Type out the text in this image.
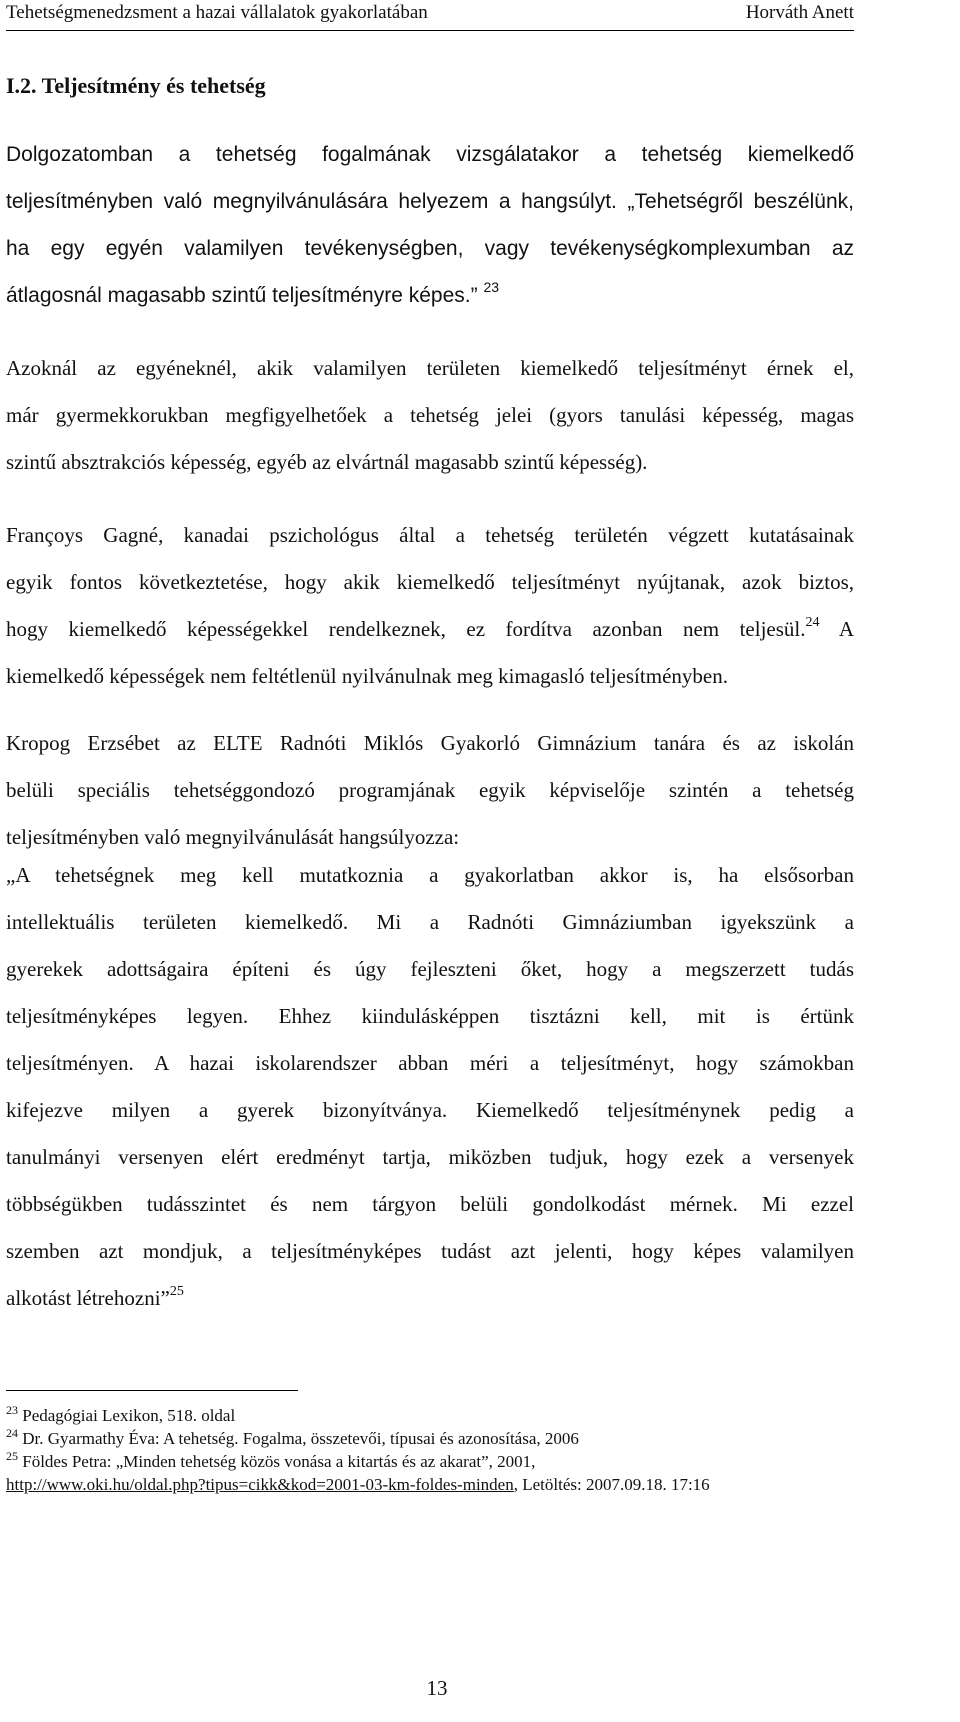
Tehetségmenedzsment a hazai vállalatok gyakorlatában	Horváth Anett
I.2. Teljesítmény és tehetség
Dolgozatomban a tehetség fogalmának vizsgálatakor a tehetség kiemelkedő
teljesítményben való megnyilvánulására helyezem a hangsúlyt. „Tehetségről beszélünk,
ha egy egyén valamilyen tevékenységben, vagy tevékenységkomplexumban az
átlagosnál magasabb szintű teljesítményre képes.” $^{23}$
Azoknál az egyéneknél, akik valamilyen területen kiemelkedő teljesítményt érnek el,
már gyermekkorukban megfigyelhetőek a tehetség jelei (gyors tanulási képesség, magas
szintű absztrakciós képesség, egyéb az elvártnál magasabb szintű képesség).
Françoys Gagné, kanadai pszichológus által a tehetség területén végzett kutatásainak
egyik fontos következtetése, hogy akik kiemelkedő teljesítményt nyújtanak, azok biztos,
hogy kiemelkedő képességekkel rendelkeznek, ez fordítva azonban nem teljesül.$^{24}$ A
kiemelkedő képességek nem feltétlenül nyilvánulnak meg kimagasló teljesítményben.
Kropog Erzsébet az ELTE Radnóti Miklós Gyakorló Gimnázium tanára és az iskolán
belüli speciális tehetséggondozó programjának egyik képviselője szintén a tehetség
teljesítményben való megnyilvánulását hangsúlyozza:
„A tehetségnek meg kell mutatkoznia a gyakorlatban akkor is, ha elsősorban
intellektuális területen kiemelkedő. Mi a Radnóti Gimnáziumban igyekszünk a
gyerekek adottságaira építeni és úgy fejleszteni őket, hogy a megszerzett tudás
teljesítményképes legyen. Ehhez kiindulásképpen tisztázni kell, mit is értünk
teljesítményen. A hazai iskolarendszer abban méri a teljesítményt, hogy számokban
kifejezve milyen a gyerek bizonyítványa. Kiemelkedő teljesítménynek pedig a
tanulmányi versenyen elért eredményt tartja, miközben tudjuk, hogy ezek a versenyek
többségükben tudásszintet és nem tárgyon belüli gondolkodást mérnek. Mi ezzel
szemben azt mondjuk, a teljesítményképes tudást azt jelenti, hogy képes valamilyen
alkotást létrehozni”$^{25}$
$^{23}$ Pedagógiai Lexikon, 518. oldal
$^{24}$ Dr. Gyarmathy Éva: A tehetség. Fogalma, összetevői, típusai és azonosítása, 2006
$^{25}$ Földes Petra: „Minden tehetség közös vonása a kitartás és az akarat”, 2001,
http://www.oki.hu/oldal.php?tipus=cikk&kod=2001-03-km-foldes-minden, Letöltés: 2007.09.18. 17:16
13
